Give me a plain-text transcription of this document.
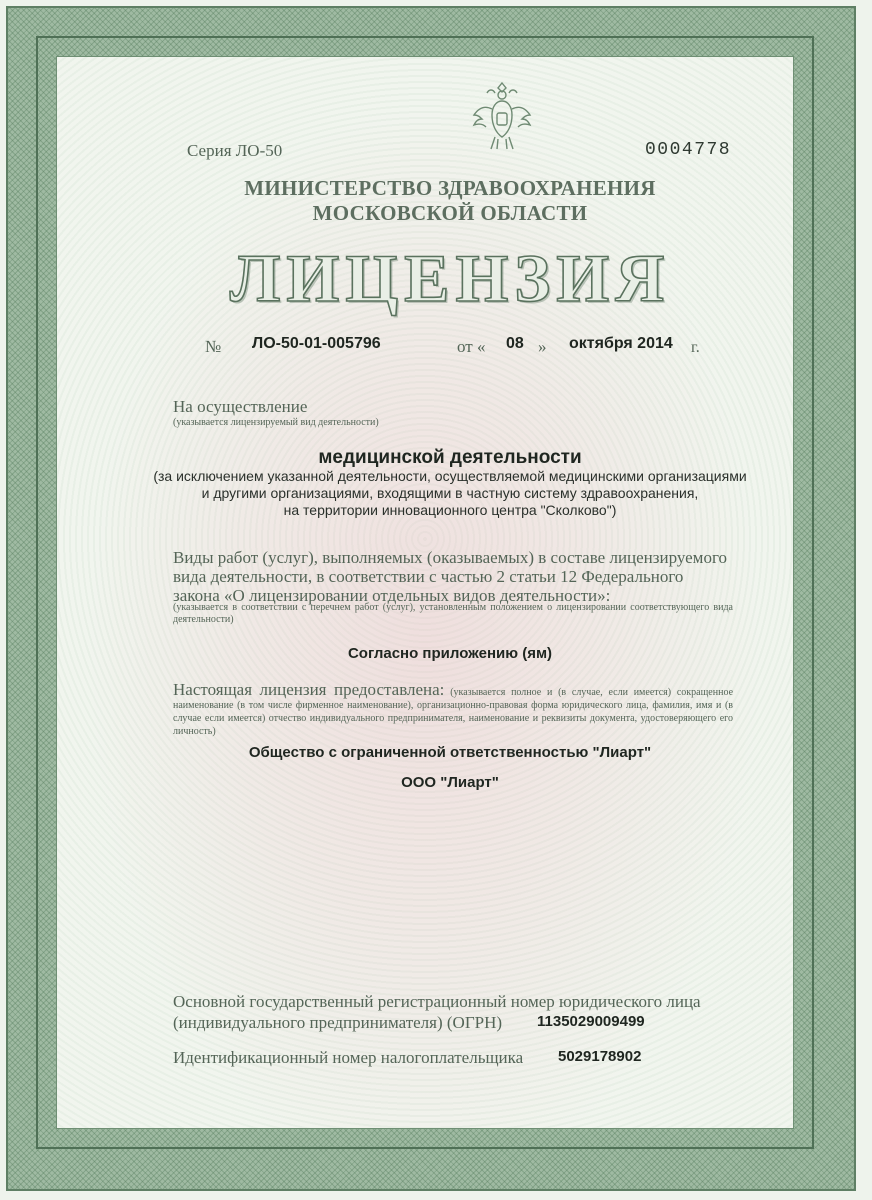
Серия ЛО-50	0004778
МИНИСТЕРСТВО ЗДРАВООХРАНЕНИЯ
МОСКОВСКОЙ ОБЛАСТИ
ЛИЦЕНЗИЯ
№ ЛО-50-01-005796	от « 08 » октября 2014 г.
На осуществление
(указывается лицензируемый вид деятельности)
медицинской деятельности
(за исключением указанной деятельности, осуществляемой медицинскими организациями
и другими организациями, входящими в частную систему здравоохранения,
на территории инновационного центра "Сколково")
Виды работ (услуг), выполняемых (оказываемых) в составе лицензируемого вида деятельности, в соответствии с частью 2 статьи 12 Федерального закона «О лицензировании отдельных видов деятельности»:
(указывается в соответствии с перечнем работ (услуг), установленным положением о лицензировании соответствующего вида деятельности)
Согласно приложению (ям)
Настоящая лицензия предоставлена: (указывается полное и (в случае, если имеется) сокращенное наименование (в том числе фирменное наименование), организационно-правовая форма юридического лица, фамилия, имя и (в случае если имеется) отчество индивидуального предпринимателя, наименование и реквизиты документа, удостоверяющего его личность)
Общество с ограниченной ответственностью "Лиарт"
ООО "Лиарт"
Основной государственный регистрационный номер юридического лица (индивидуального предпринимателя) (ОГРН)	1135029009499
Идентификационный номер налогоплательщика 5029178902
